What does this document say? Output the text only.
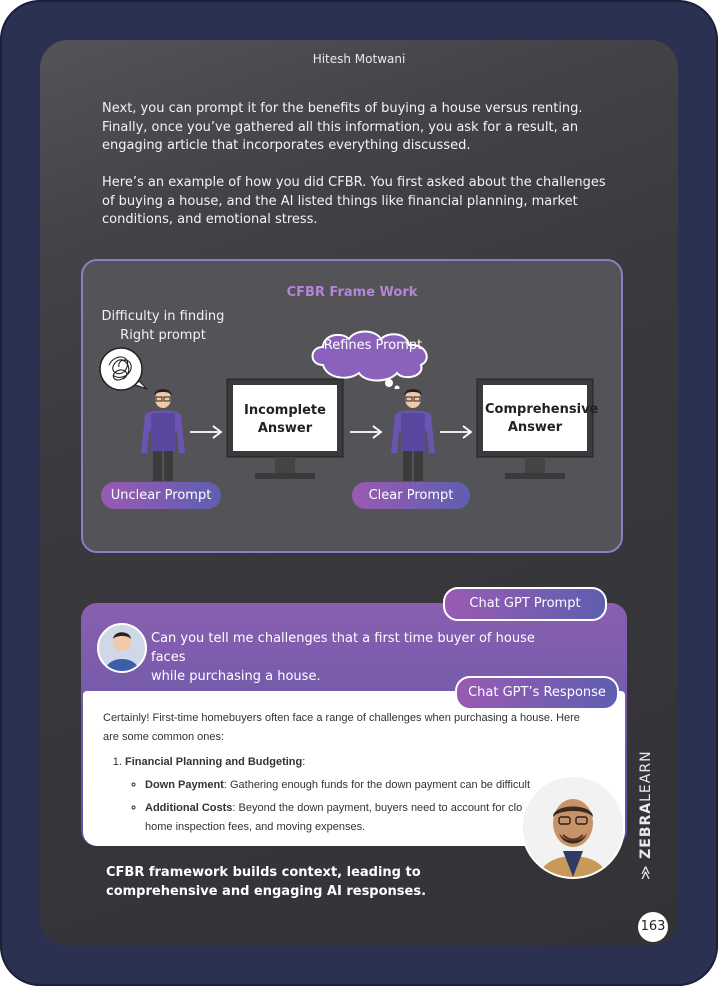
Hitesh Motwani

Next, you can prompt it for the benefits of buying a house versus renting. Finally, once you’ve gathered all this information, you ask for a result, an engaging article that incorporates everything discussed.

Here’s an example of how you did CFBR. You first asked about the challenges of buying a house, and the AI listed things like financial planning, market conditions, and emotional stress.

CFBR Frame Work
Difficulty in finding
Right prompt
Refines Prompt
Incomplete
Answer
Comprehensive
Answer
Unclear Prompt	Clear Prompt
Chat GPT Prompt
Can you tell me challenges that a first time buyer of house faces
while purchasing a house.

Certainly! First-time homebuyers often face a range of challenges when purchasing a house. Here are some common ones:

1. Financial Planning and Budgeting:
◦ Down Payment: Gathering enough funds for the down payment can be difficult
◦ Additional Costs: Beyond the down payment, buyers need to account for clo
home inspection fees, and moving expenses.
Chat GPT’s Response
CFBR framework builds context, leading to comprehensive and engaging AI responses.
≫ ZEBRALEARN
163
